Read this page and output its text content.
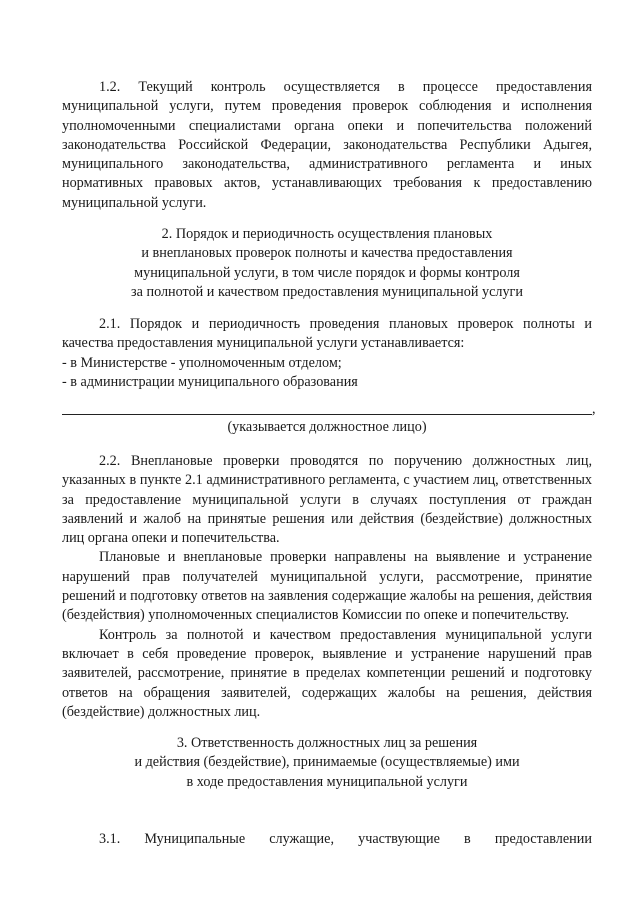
1.2. Текущий контроль осуществляется в процессе предоставления муниципальной услуги, путем проведения проверок соблюдения и исполнения уполномоченными специалистами органа опеки и попечительства положений законодательства Российской Федерации, законодательства Республики Адыгея, муниципального законодательства, административного регламента и иных нормативных правовых актов, устанавливающих требования к предоставлению муниципальной услуги.

2. Порядок и периодичность осуществления плановых

и внеплановых проверок полноты и качества предоставления

муниципальной услуги, в том числе порядок и формы контроля

за полнотой и качеством предоставления муниципальной услуги

2.1. Порядок и периодичность проведения плановых проверок полноты и качества предоставления муниципальной услуги устанавливается:

- в Министерстве - уполномоченным отделом;

- в администрации муниципального образования

,

(указывается должностное лицо)

2.2. Внеплановые проверки проводятся по поручению должностных лиц, указанных в пункте 2.1 административного регламента, с участием лиц, ответственных за предоставление муниципальной услуги в случаях поступления от граждан заявлений и жалоб на принятые решения или действия (бездействие) должностных лиц органа опеки и попечительства.

Плановые и внеплановые проверки направлены на выявление и устранение нарушений прав получателей муниципальной услуги, рассмотрение, принятие решений и подготовку ответов на заявления содержащие жалобы на решения, действия (бездействия) уполномоченных специалистов Комиссии по опеке и попечительству.

Контроль за полнотой и качеством предоставления муниципальной услуги включает в себя проведение проверок, выявление и устранение нарушений прав заявителей, рассмотрение, принятие в пределах компетенции решений и подготовку ответов на обращения заявителей, содержащих жалобы на решения, действия (бездействие) должностных лиц.

3. Ответственность должностных лиц за решения

и действия (бездействие), принимаемые (осуществляемые) ими

в ходе предоставления муниципальной услуги

3.1. Муниципальные служащие, участвующие в предоставлении
